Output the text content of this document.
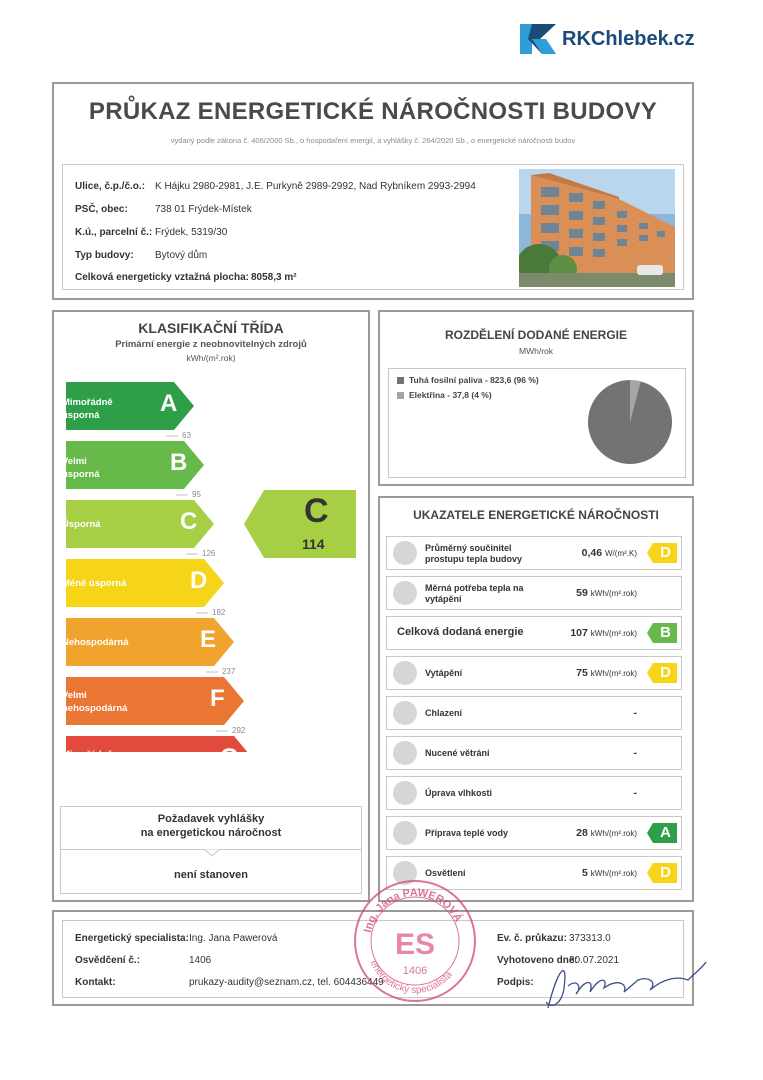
RKChlebek .cz
PRŮKAZ ENERGETICKÉ NÁROČNOSTI BUDOVY
vydaný podle zákona č. 406/2000 Sb., o hospodaření energií, a vyhlášky č. 264/2020 Sb., o energetické náročnosti budov
Ulice, č.p./č.o.: K Hájku 2980-2981, J.E. Purkyně 2989-2992, Nad Rybníkem 2993-2994
PSČ, obec:	738 01 Frýdek-Místek
K.ú., parcelní č.: Frýdek, 5319/30
Typ budovy: Bytový dům
Celková energeticky vztažná plocha: 8058,3 m²
KLASIFIKAČNÍ TŘÍDA
Primární energie z neobnovitelných zdrojů
kWh/(m².rok)
Mimořádně úsporná	A
63
Velmi úsporná	B
95
Úsporná	C
126
Méně úsporná	D
182
Nehospodárná	E
237
Velmi nehospodárná	F
292
Mimořádně nehospodárná	G
C
114
Požadavek vyhlášky
na energetickou náročnost
není stanoven
ROZDĚLENÍ DODANÉ ENERGIE
MWh/rok
Tuhá fosilní paliva - 823,6 (96 %)
Elektřina - 37,8 (4 %)
UKAZATELE ENERGETICKÉ NÁROČNOSTI
Průměrný součinitel prostupu tepla budovy	0,46 W/(m².K) D
Měrná potřeba tepla na vytápění	59 kWh/(m².rok)
Celková dodaná energie	107 kWh/(m².rok) B
Vytápění	75 kWh/(m².rok) D
Chlazení	-
Nucené větrání	-
Úprava vlhkosti	-
Příprava teplé vody	28 kWh/(m².rok) A
Osvětlení	5 kWh/(m².rok) D
Energetický specialista: Ing. Jana Pawerová
Osvědčení č.:	1406
Kontakt:	prukazy-audity@seznam.cz, tel. 604436449
Ev. č. průkazu: 373313.0
Vyhotoveno dne:
30.07.2021
Podpis:
Ing. Jana PAWEROVÁ
energetický specialista
ES
1406
